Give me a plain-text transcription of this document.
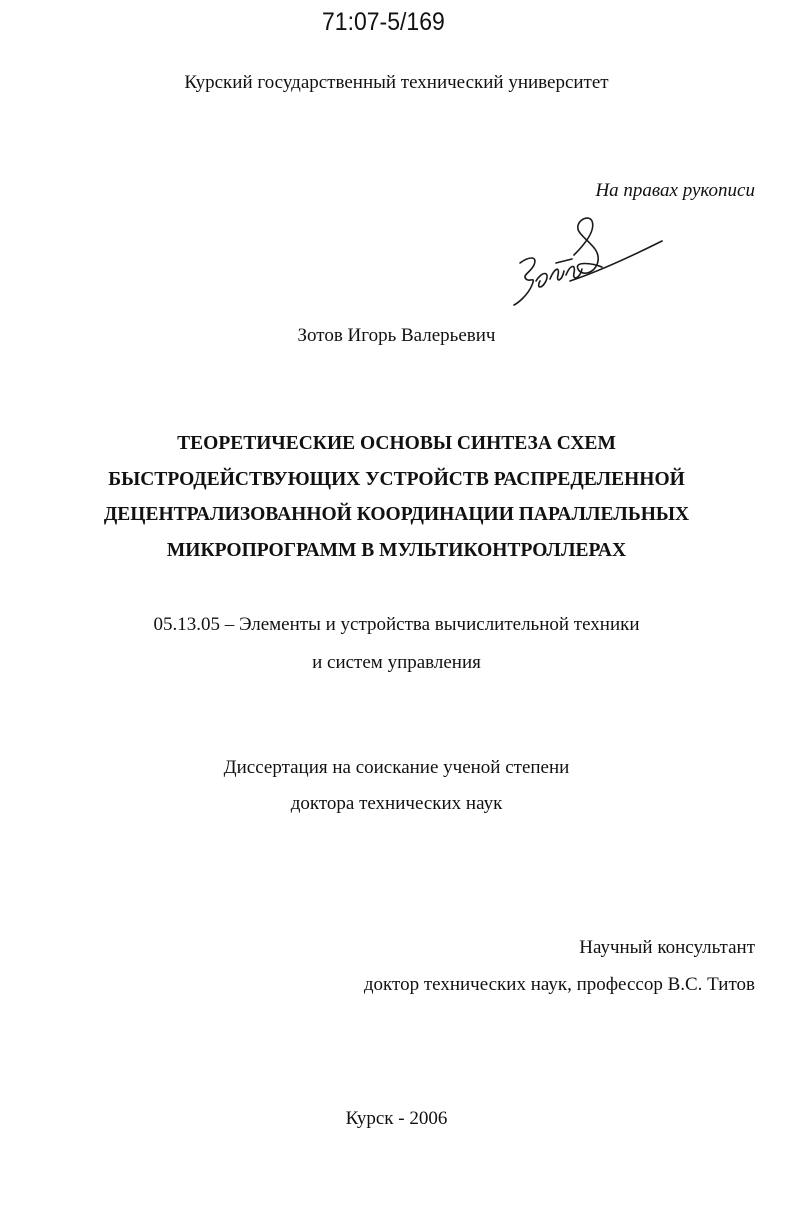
71:07-5/169
Курский государственный технический университет
На правах рукописи
Зотов Игорь Валерьевич
ТЕОРЕТИЧЕСКИЕ ОСНОВЫ СИНТЕЗА СХЕМ
БЫСТРОДЕЙСТВУЮЩИХ УСТРОЙСТВ РАСПРЕДЕЛЕННОЙ
ДЕЦЕНТРАЛИЗОВАННОЙ КООРДИНАЦИИ ПАРАЛЛЕЛЬНЫХ
МИКРОПРОГРАММ В МУЛЬТИКОНТРОЛЛЕРАХ
05.13.05 – Элементы и устройства вычислительной техники
и систем управления
Диссертация на соискание ученой степени
доктора технических наук
Научный консультант
доктор технических наук, профессор В.С. Титов
Курск - 2006
